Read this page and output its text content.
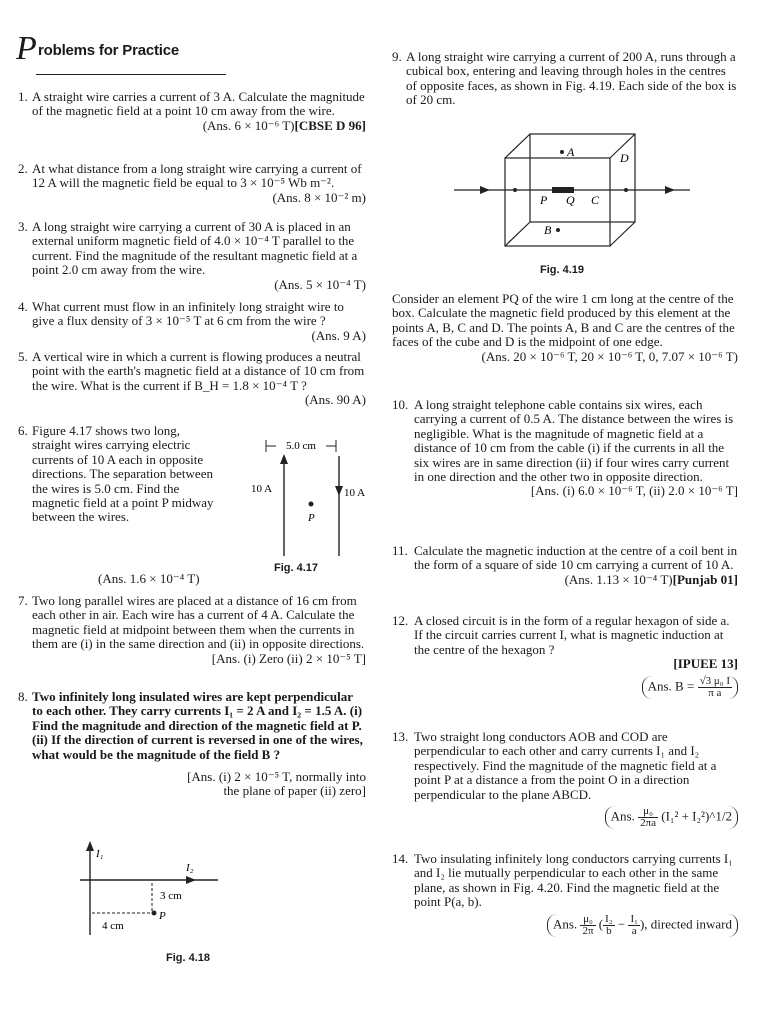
P roblems for Practice
1. A straight wire carries a current of 3 A. Calculate the magnitude of the magnetic field at a point 10 cm away from the wire.
[CBSE D 96]
(Ans. 6 × 10⁻⁶ T)
2. At what distance from a long straight wire carrying a current of 12 A will the magnetic field be equal to 3 × 10⁻⁵ Wb m⁻².
(Ans. 8 × 10⁻² m)
3. A long straight wire carrying a current of 30 A is placed in an external uniform magnetic field of 4.0 × 10⁻⁴ T parallel to the current. Find the magnitude of the resultant magnetic field at a point 2.0 cm away from the wire.
(Ans. 5 × 10⁻⁴ T)
4. What current must flow in an infinitely long straight wire to give a flux density of 3 × 10⁻⁵ T at 6 cm from the wire ?
(Ans. 9 A)
5. A vertical wire in which a current is flowing produces a neutral point with the earth's magnetic field at a distance of 10 cm from the wire. What is the current if B_H = 1.8 × 10⁻⁴ T ?
(Ans. 90 A)
6. Figure 4.17 shows two long, straight wires carrying electric currents of 10 A each in opposite directions. The separation between the wires is 5.0 cm. Find the magnetic field at a point P midway between the wires.
(Ans. 1.6 × 10⁻⁴ T)
5.0 cm
10 A	10 A
P
Fig. 4.17
7. Two long parallel wires are placed at a distance of 16 cm from each other in air. Each wire has a current of 4 A. Calculate the magnetic field at midpoint between them when the currents in them are (i) in the same direction and (ii) in opposite directions.
[Ans. (i) Zero (ii) 2 × 10⁻⁵ T]
8. Two infinitely long insulated wires are kept perpendicular to each other. They carry currents I₁ = 2 A and I₂ = 1.5 A. (i) Find the magnitude and direction of the magnetic field at P. (ii) If the direction of current is reversed in one of the wires, what would be the magnitude of the field B ?
[Ans. (i) 2 × 10⁻⁵ T, normally into
the plane of paper (ii) zero]
I₁
I₂
P
3 cm
4 cm
Fig. 4.18
9. A long straight wire carrying a current of 200 A, runs through a cubical box, entering and leaving through holes in the centres of opposite faces, as shown in Fig. 4.19. Each side of the box is of 20 cm.
A
B
C
D
P Q
Fig. 4.19
Consider an element PQ of the wire 1 cm long at the centre of the box. Calculate the magnetic field produced by this element at the points A, B, C and D. The points A, B and C are the centres of the faces of the cube and D is the midpoint of one edge.
(Ans. 20 × 10⁻⁶ T, 20 × 10⁻⁶ T, 0, 7.07 × 10⁻⁶ T)
10. A long straight telephone cable contains six wires, each carrying a current of 0.5 A. The distance between the wires is negligible. What is the magnitude of magnetic field at a distance of 10 cm from the cable (i) if the currents in all the six wires are in same direction (ii) if four wires carry current in one direction and the other two in opposite direction.
[Ans. (i) 6.0 × 10⁻⁶ T, (ii) 2.0 × 10⁻⁶ T]
11. Calculate the magnetic induction at the centre of a coil bent in the form of a square of side 10 cm carrying a current of 10 A.
[Punjab 01]
(Ans. 1.13 × 10⁻⁴ T)
12. A closed circuit is in the form of a regular hexagon of side a. If the circuit carries current I, what is magnetic induction at the centre of the hexagon ?
[IPUEE 13]
Ans. $B = \frac{\text{√3 μ₀ I}}{\text{π a}}$
13. Two straight long conductors AOB and COD are perpendicular to each other and carry currents I₁ and I₂ respectively. Find the magnitude of the magnetic field at a point P at a distance a from the point O in a direction perpendicular to the plane ABCD.
Ans. $\frac{\text{μ₀}}{2\pi a} (I_1^2$ + I₂²)^1/2
14. Two insulating infinitely long conductors carrying currents I₁ and I₂ lie mutually perpendicular to each other in the same plane, as shown in Fig. 4.20. Find the magnetic field at the point P(a, b).
Ans. $\frac{\text{μ₀}}{2\pi}$ ( $\frac{\text{I₂}}{b} - \frac{\text{I₁}}{a}$ ), directed inward
